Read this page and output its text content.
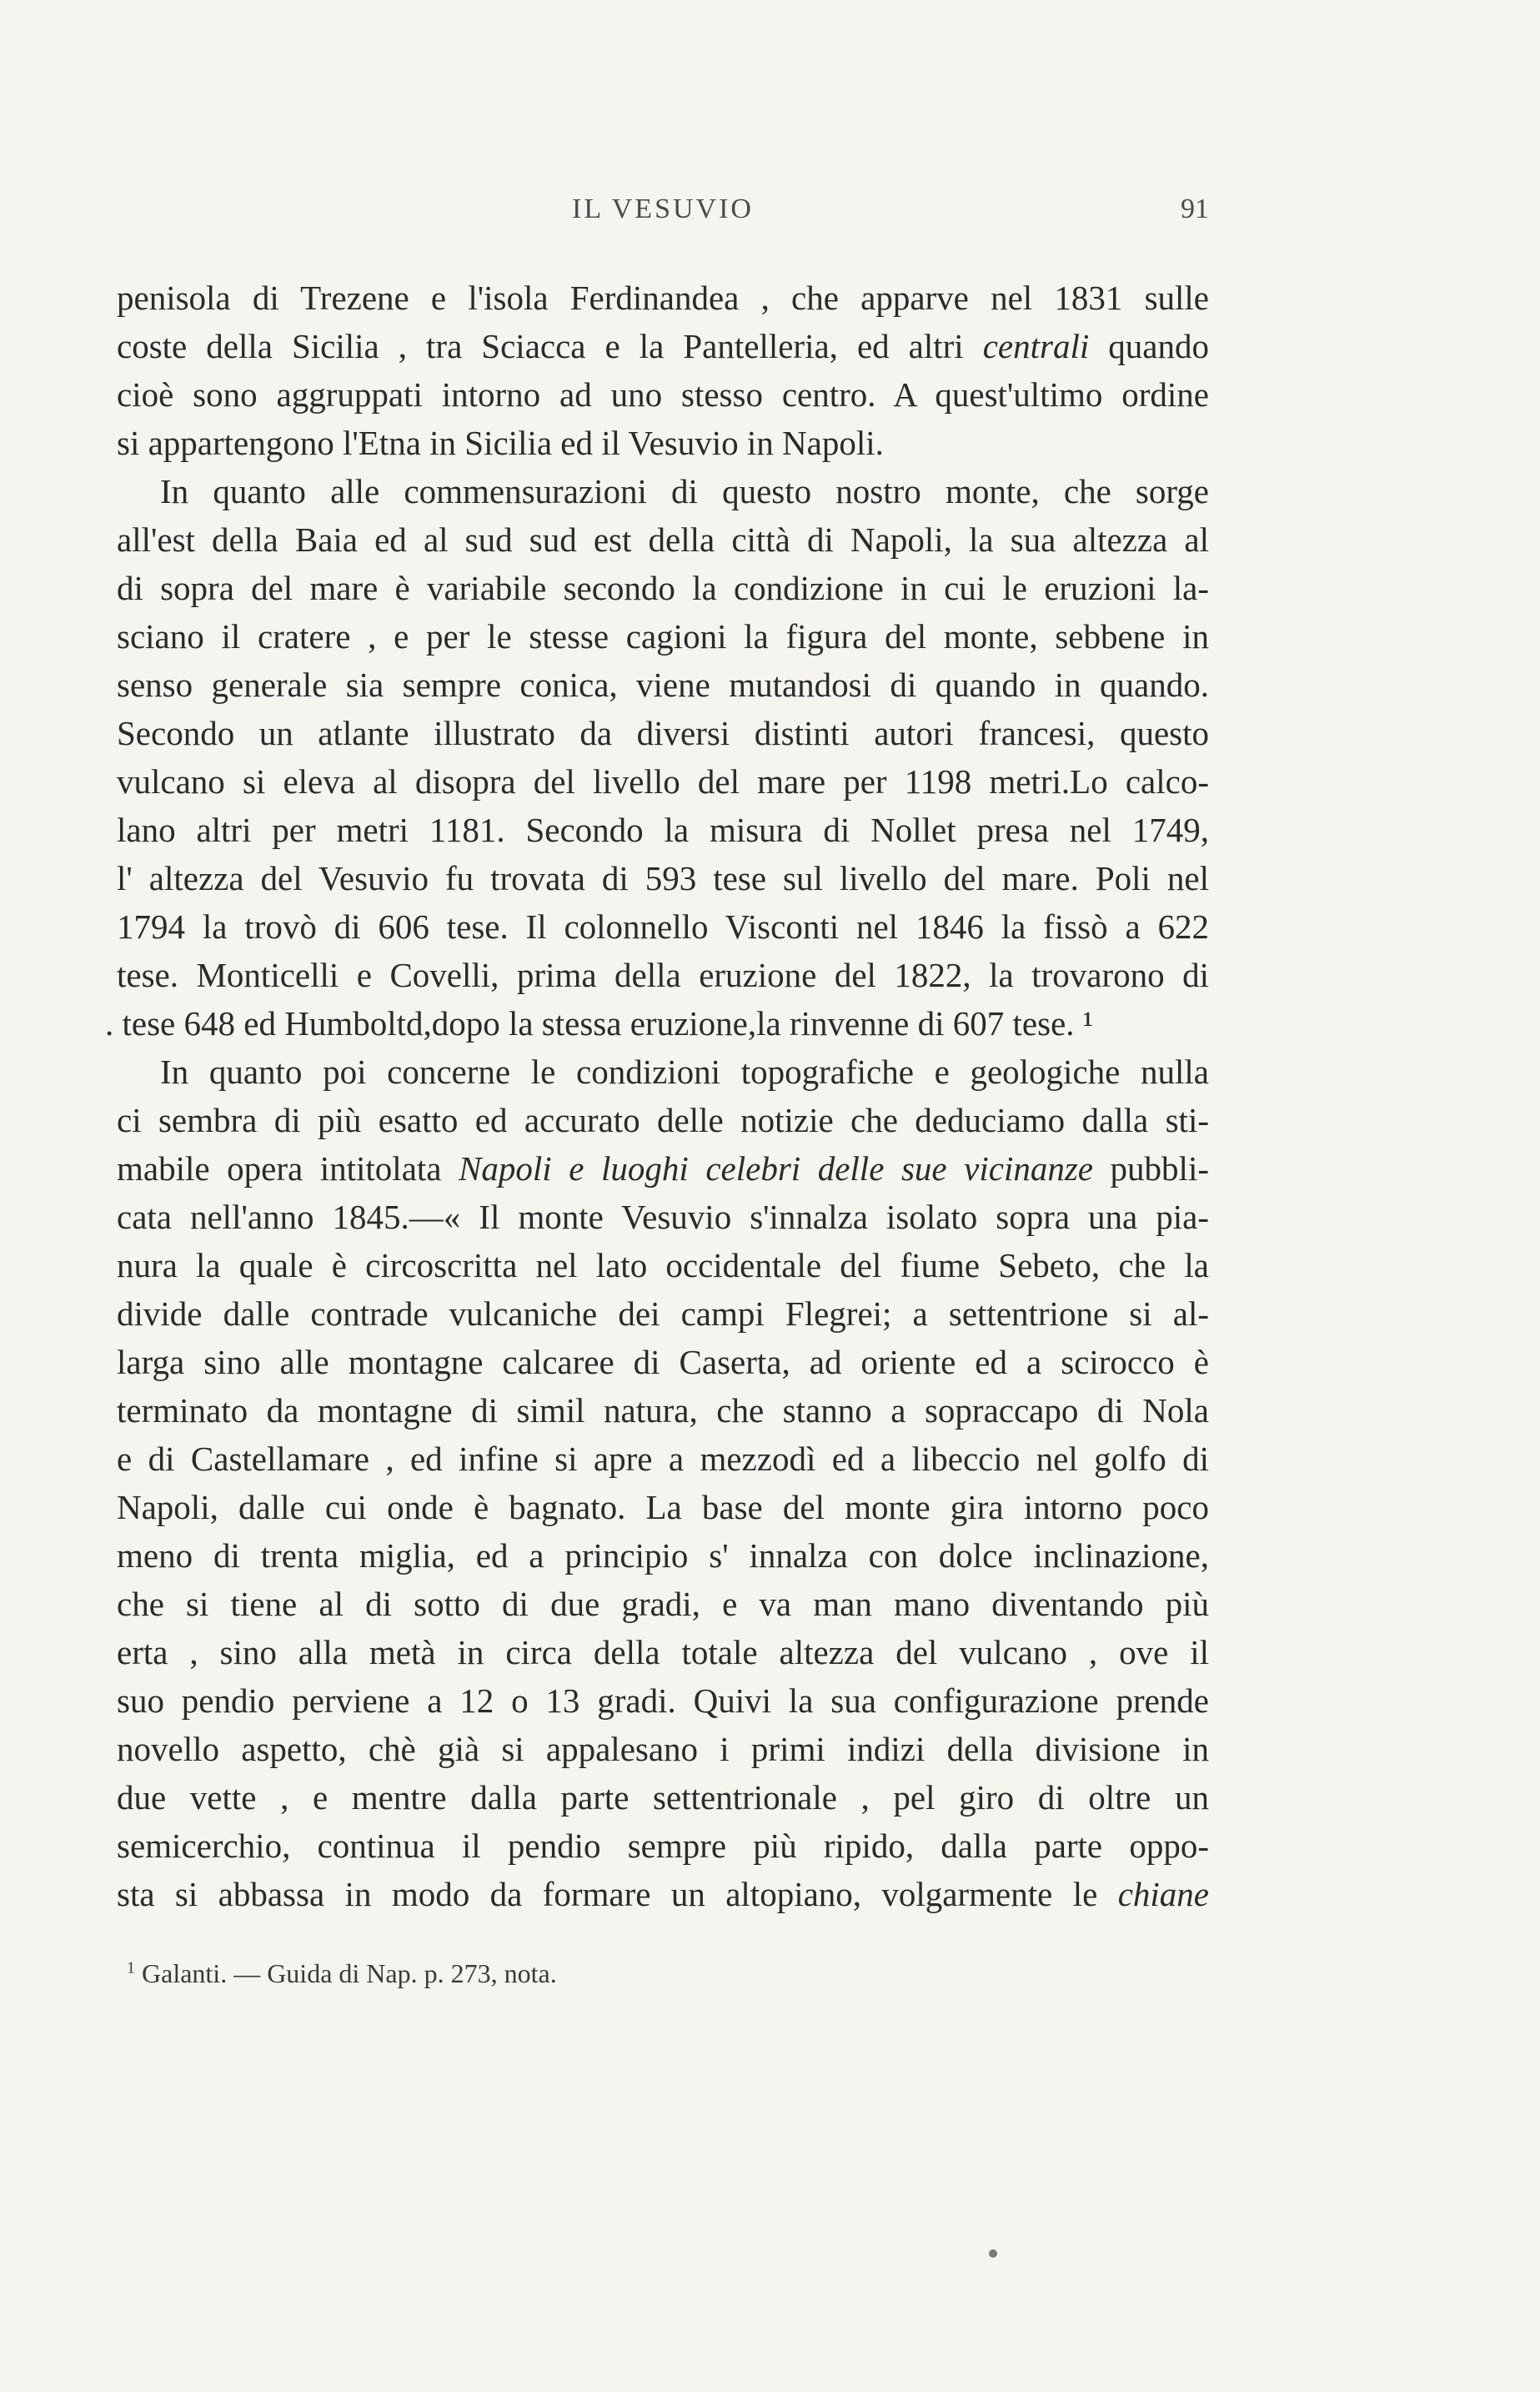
IL VESUVIO	91
penisola di Trezene e l'isola Ferdinandea , che apparve nel 1831 sulle
coste della Sicilia , tra Sciacca e la Pantelleria, ed altri centrali quando
cioè sono aggruppati intorno ad uno stesso centro. A quest'ultimo ordine
si appartengono l'Etna in Sicilia ed il Vesuvio in Napoli.
In quanto alle commensurazioni di questo nostro monte, che sorge
all'est della Baia ed al sud sud est della città di Napoli, la sua altezza al
di sopra del mare è variabile secondo la condizione in cui le eruzioni la-
sciano il cratere , e per le stesse cagioni la figura del monte, sebbene in
senso generale sia sempre conica, viene mutandosi di quando in quando.
Secondo un atlante illustrato da diversi distinti autori francesi, questo
vulcano si eleva al disopra del livello del mare per 1198 metri.Lo calco-
lano altri per metri 1181. Secondo la misura di Nollet presa nel 1749,
l' altezza del Vesuvio fu trovata di 593 tese sul livello del mare. Poli nel
1794 la trovò di 606 tese. Il colonnello Visconti nel 1846 la fissò a 622
tese. Monticelli e Covelli, prima della eruzione del 1822, la trovarono di
. tese 648 ed Humboltd,dopo la stessa eruzione,la rinvenne di 607 tese. ¹
In quanto poi concerne le condizioni topografiche e geologiche nulla
ci sembra di più esatto ed accurato delle notizie che deduciamo dalla sti-
mabile opera intitolata Napoli e luoghi celebri delle sue vicinanze pubbli-
cata nell'anno 1845.—« Il monte Vesuvio s'innalza isolato sopra una pia-
nura la quale è circoscritta nel lato occidentale del fiume Sebeto, che la
divide dalle contrade vulcaniche dei campi Flegrei; a settentrione si al-
larga sino alle montagne calcaree di Caserta, ad oriente ed a scirocco è
terminato da montagne di simil natura, che stanno a sopraccapo di Nola
e di Castellamare , ed infine si apre a mezzodì ed a libeccio nel golfo di
Napoli, dalle cui onde è bagnato. La base del monte gira intorno poco
meno di trenta miglia, ed a principio s' innalza con dolce inclinazione,
che si tiene al di sotto di due gradi, e va man mano diventando più
erta , sino alla metà in circa della totale altezza del vulcano , ove il
suo pendio perviene a 12 o 13 gradi. Quivi la sua configurazione prende
novello aspetto, chè già si appalesano i primi indizi della divisione in
due vette , e mentre dalla parte settentrionale , pel giro di oltre un
semicerchio, continua il pendio sempre più ripido, dalla parte oppo-
sta si abbassa in modo da formare un altopiano, volgarmente le chiane
$^1$ Galanti. — Guida di Nap. p. 273, nota.
